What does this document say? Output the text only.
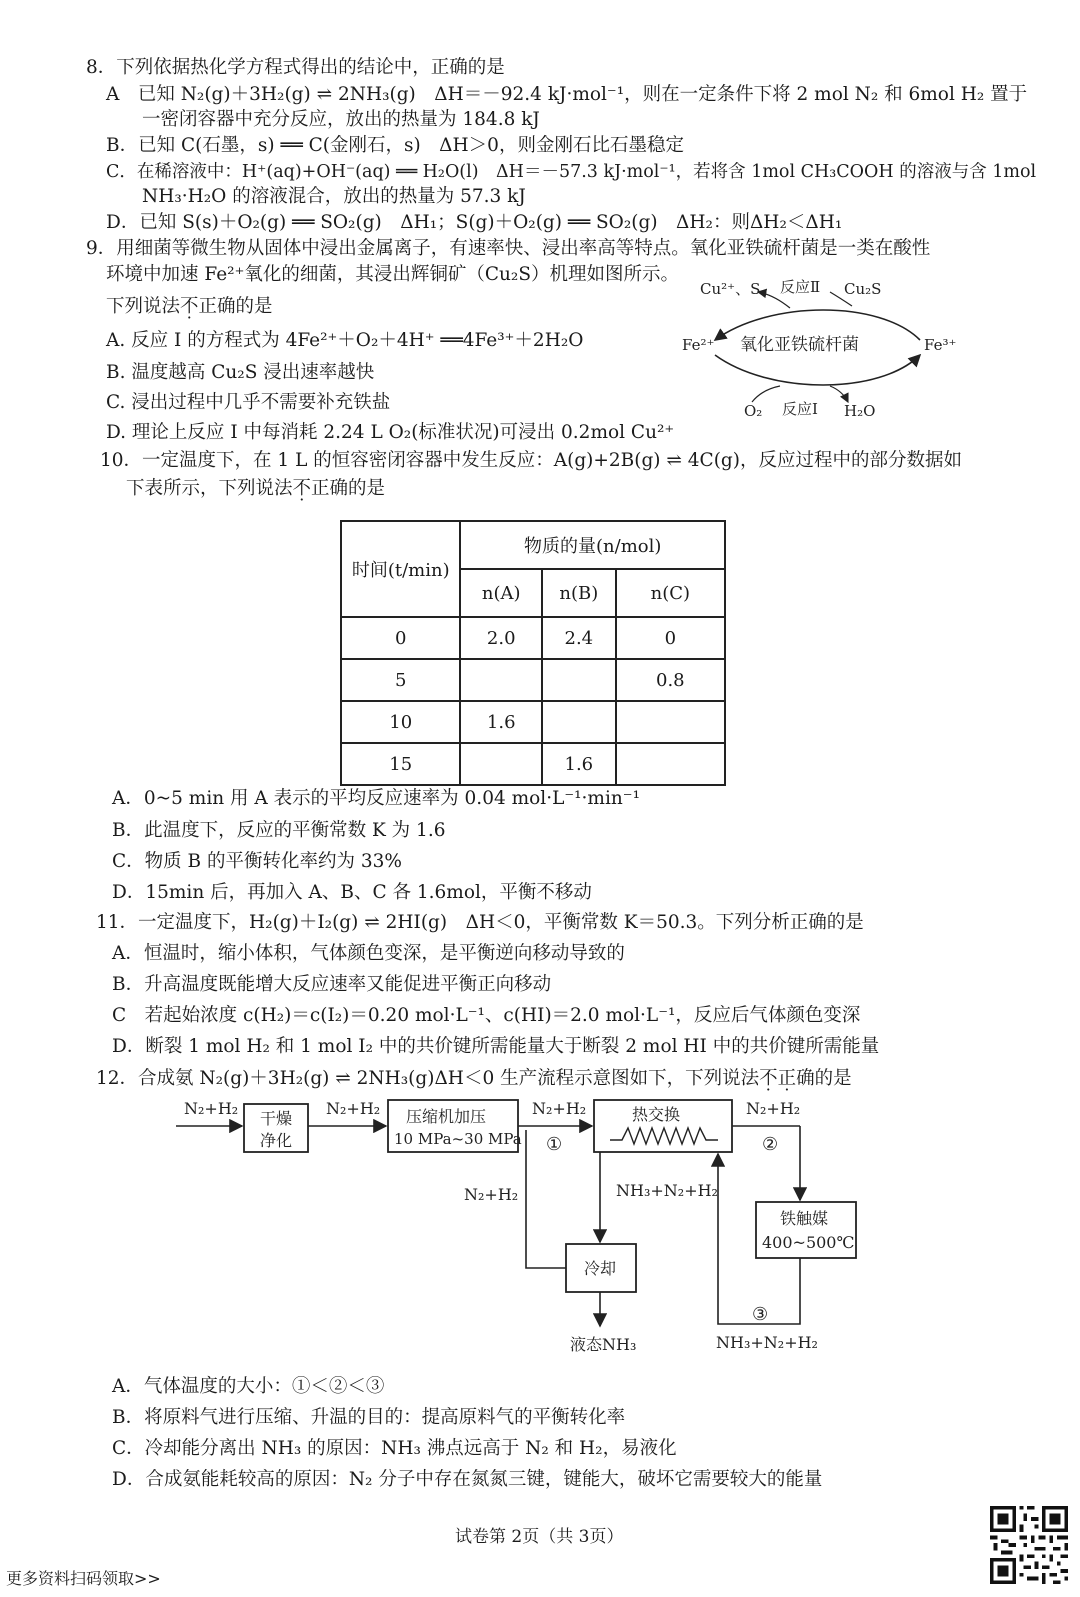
8．下列依据热化学方程式得出的结论中，正确的是
A　已知 N₂(g)＋3H₂(g) ⇌ 2NH₃(g)　ΔH＝－92.4 kJ·mol⁻¹，则在一定条件下将 2 mol N₂ 和 6mol H₂ 置于
一密闭容器中充分反应，放出的热量为 184.8 kJ
B．已知 C(石墨，s) ══ C(金刚石，s)　ΔH＞0，则金刚石比石墨稳定
C．在稀溶液中：H⁺(aq)+OH⁻(aq) ══ H₂O(l)　ΔH＝－57.3 kJ·mol⁻¹，若将含 1mol CH₃COOH 的溶液与含 1mol
NH₃·H₂O 的溶液混合，放出的热量为 57.3 kJ
D．已知 S(s)＋O₂(g) ══ SO₂(g)　ΔH₁；S(g)＋O₂(g) ══ SO₂(g)　ΔH₂：则ΔH₂＜ΔH₁
9．用细菌等微生物从固体中浸出金属离子，有速率快、浸出率高等特点。氧化亚铁硫杆菌是一类在酸性
环境中加速 Fe²⁺氧化的细菌，其浸出辉铜矿（Cu₂S）机理如图所示。
下列说法不正确的是
A. 反应 I 的方程式为 4Fe²⁺＋O₂＋4H⁺ ══4Fe³⁺＋2H₂O
B. 温度越高 Cu₂S 浸出速率越快
C. 浸出过程中几乎不需要补充铁盐
D. 理论上反应 I 中每消耗 2.24 L O₂(标准状况)可浸出 0.2mol Cu²⁺
氧化亚铁硫杆菌
Fe²⁺	Fe³⁺
Cu²⁺、S 反应Ⅱ Cu₂S
O₂ 反应I H₂O
10．一定温度下，在 1 L 的恒容密闭容器中发生反应：A(g)+2B(g) ⇌ 4C(g)，反应过程中的部分数据如
下表所示，下列说法不正确的是
时间(t/min)	物质的量(n/mol)		
	n(A)	n(B)	n(C)
0	2.0	2.4	0
5			0.8
10	1.6		
15		1.6	
A．0~5 min 用 A 表示的平均反应速率为 0.04 mol·L⁻¹·min⁻¹
B．此温度下，反应的平衡常数 K 为 1.6
C．物质 B 的平衡转化率约为 33%
D．15min 后，再加入 A、B、C 各 1.6mol，平衡不移动
11．一定温度下，H₂(g)＋I₂(g) ⇌ 2HI(g)　ΔH＜0，平衡常数 K＝50.3。下列分析正确的是
A．恒温时，缩小体积，气体颜色变深，是平衡逆向移动导致的
B．升高温度既能增大反应速率又能促进平衡正向移动
C　若起始浓度 c(H₂)＝c(I₂)＝0.20 mol·L⁻¹、c(HI)＝2.0 mol·L⁻¹，反应后气体颜色变深
D．断裂 1 mol H₂ 和 1 mol I₂ 中的共价键所需能量大于断裂 2 mol HI 中的共价键所需能量
12．合成氨 N₂(g)＋3H₂(g) ⇌ 2NH₃(g)ΔH＜0 生产流程示意图如下，下列说法不正确的是
干燥
净化
N₂+H₂	N₂+H₂ 压缩机加压
10 MPa~30 MPa
N₂+H₂
①
热交换	N₂+H₂
②
铁触媒
400~500℃
③
NH₃+N₂+H₂
NH₃+N₂+H₂
冷却
液态NH₃
N₂+H₂
A．气体温度的大小：①＜②＜③
B．将原料气进行压缩、升温的目的：提高原料气的平衡转化率
C．冷却能分离出 NH₃ 的原因：NH₃ 沸点远高于 N₂ 和 H₂，易液化
D．合成氨能耗较高的原因：N₂ 分子中存在氮氮三键，键能大，破坏它需要较大的能量
试卷第 2页（共 3页）
更多资料扫码领取>>
